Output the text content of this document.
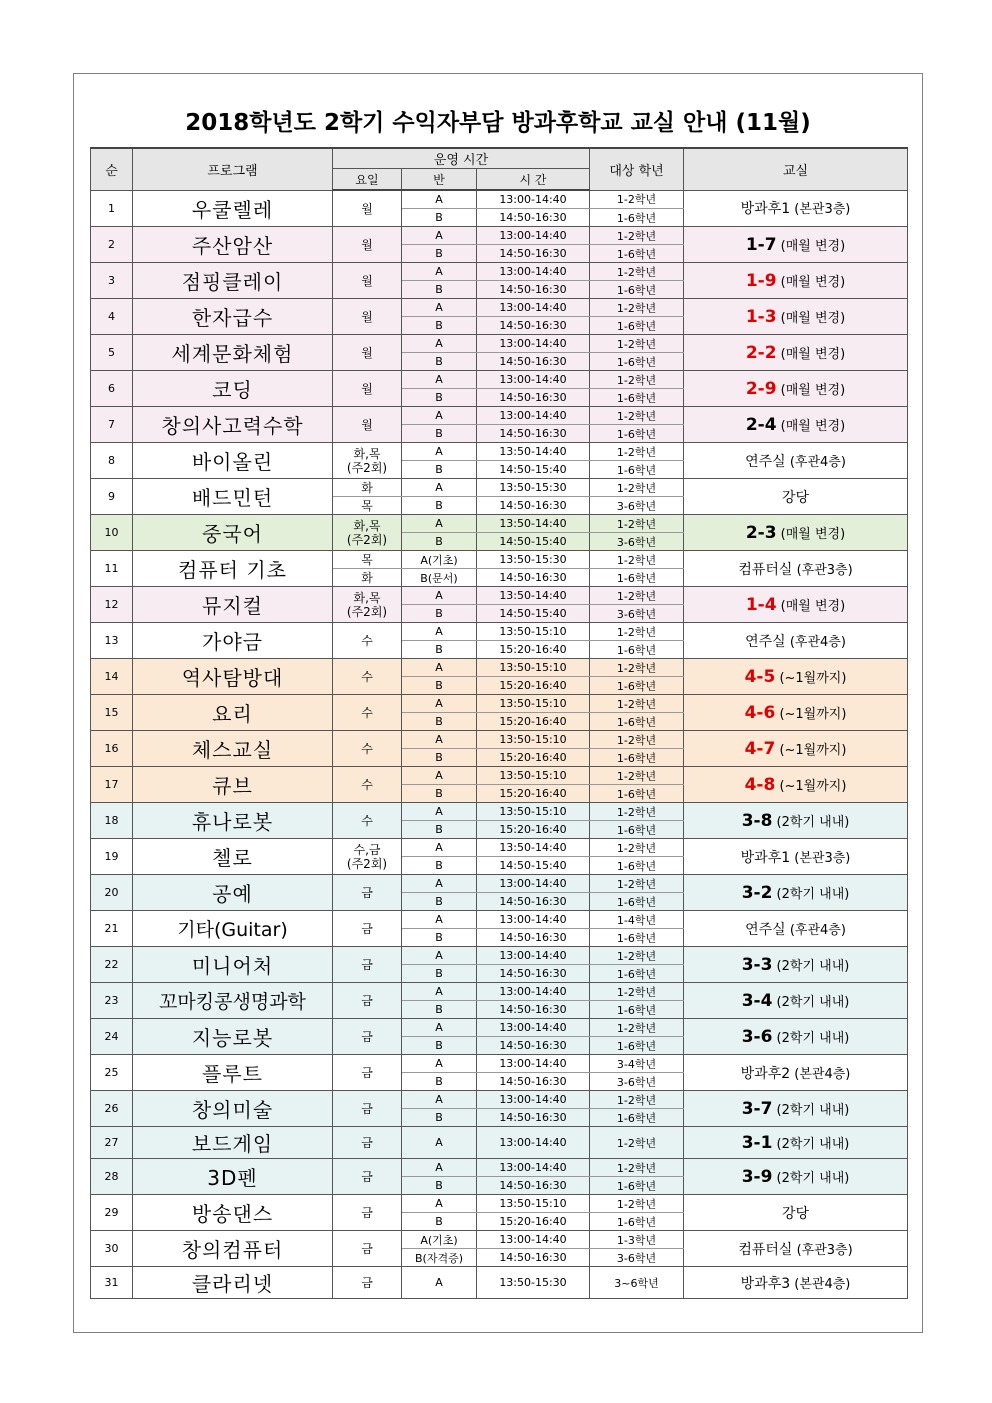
2018학년도 2학기 수익자부담 방과후학교 교실 안내 (11월)
순	프로그램	운영 시간			대상 학년	교실
		요일	반	시 간		
1	우쿨렐레	월	A	13:00-14:40	1-2학년	방과후1 (본관3층)
			B	14:50-16:30	1-6학년	
2	주산암산	월	A	13:00-14:40	1-2학년	1-7 (매월 변경)
			B	14:50-16:30	1-6학년	
3	점핑클레이	월	A	13:00-14:40	1-2학년	1-9 (매월 변경)
			B	14:50-16:30	1-6학년	
4	한자급수	월	A	13:00-14:40	1-2학년	1-3 (매월 변경)
			B	14:50-16:30	1-6학년	
5	세계문화체험	월	A	13:00-14:40	1-2학년	2-2 (매월 변경)
			B	14:50-16:30	1-6학년	
6	코딩	월	A	13:00-14:40	1-2학년	2-9 (매월 변경)
			B	14:50-16:30	1-6학년	
7	창의사고력수학	월	A	13:00-14:40	1-2학년	2-4 (매월 변경)
			B	14:50-16:30	1-6학년	
8	바이올린	화,목
(주2회)	A	13:50-14:40	1-2학년	연주실 (후관4층)
			B	14:50-15:40	1-6학년	
9	배드민턴	화	A	13:50-15:30	1-2학년	강당
		목	B	14:50-16:30	3-6학년	
10	중국어	화,목
(주2회)	A	13:50-14:40	1-2학년	2-3 (매월 변경)
			B	14:50-15:40	3-6학년	
11	컴퓨터 기초	목	A(기초)	13:50-15:30	1-2학년	컴퓨터실 (후관3층)
		화	B(문서)	14:50-16:30	1-6학년	
12	뮤지컬	화,목
(주2회)	A	13:50-14:40	1-2학년	1-4 (매월 변경)
			B	14:50-15:40	3-6학년	
13	가야금	수	A	13:50-15:10	1-2학년	연주실 (후관4층)
			B	15:20-16:40	1-6학년	
14	역사탐방대	수	A	13:50-15:10	1-2학년	4-5 (~1월까지)
			B	15:20-16:40	1-6학년	
15	요리	수	A	13:50-15:10	1-2학년	4-6 (~1월까지)
			B	15:20-16:40	1-6학년	
16	체스교실	수	A	13:50-15:10	1-2학년	4-7 (~1월까지)
			B	15:20-16:40	1-6학년	
17	큐브	수	A	13:50-15:10	1-2학년	4-8 (~1월까지)
			B	15:20-16:40	1-6학년	
18	휴나로봇	수	A	13:50-15:10	1-2학년	3-8 (2학기 내내)
			B	15:20-16:40	1-6학년	
19	첼로	수,금
(주2회)	A	13:50-14:40	1-2학년	방과후1 (본관3층)
			B	14:50-15:40	1-6학년	
20	공예	금	A	13:00-14:40	1-2학년	3-2 (2학기 내내)
			B	14:50-16:30	1-6학년	
21	기타(Guitar)	금	A	13:00-14:40	1-4학년	연주실 (후관4층)
			B	14:50-16:30	1-6학년	
22	미니어처	금	A	13:00-14:40	1-2학년	3-3 (2학기 내내)
			B	14:50-16:30	1-6학년	
23	꼬마킹콩생명과학	금	A	13:00-14:40	1-2학년	3-4 (2학기 내내)
			B	14:50-16:30	1-6학년	
24	지능로봇	금	A	13:00-14:40	1-2학년	3-6 (2학기 내내)
			B	14:50-16:30	1-6학년	
25	플루트	금	A	13:00-14:40	3-4학년	방과후2 (본관4층)
			B	14:50-16:30	3-6학년	
26	창의미술	금	A	13:00-14:40	1-2학년	3-7 (2학기 내내)
			B	14:50-16:30	1-6학년	
27	보드게임	금	A	13:00-14:40	1-2학년	3-1 (2학기 내내)
28	3D펜	금	A	13:00-14:40	1-2학년	3-9 (2학기 내내)
			B	14:50-16:30	1-6학년	
29	방송댄스	금	A	13:50-15:10	1-2학년	강당
			B	15:20-16:40	1-6학년	
30	창의컴퓨터	금	A(기초)	13:00-14:40	1-3학년	컴퓨터실 (후관3층)
			B(자격증)	14:50-16:30	3-6학년	
31	클라리넷	금	A	13:50-15:30	3~6학년	방과후3 (본관4층)
